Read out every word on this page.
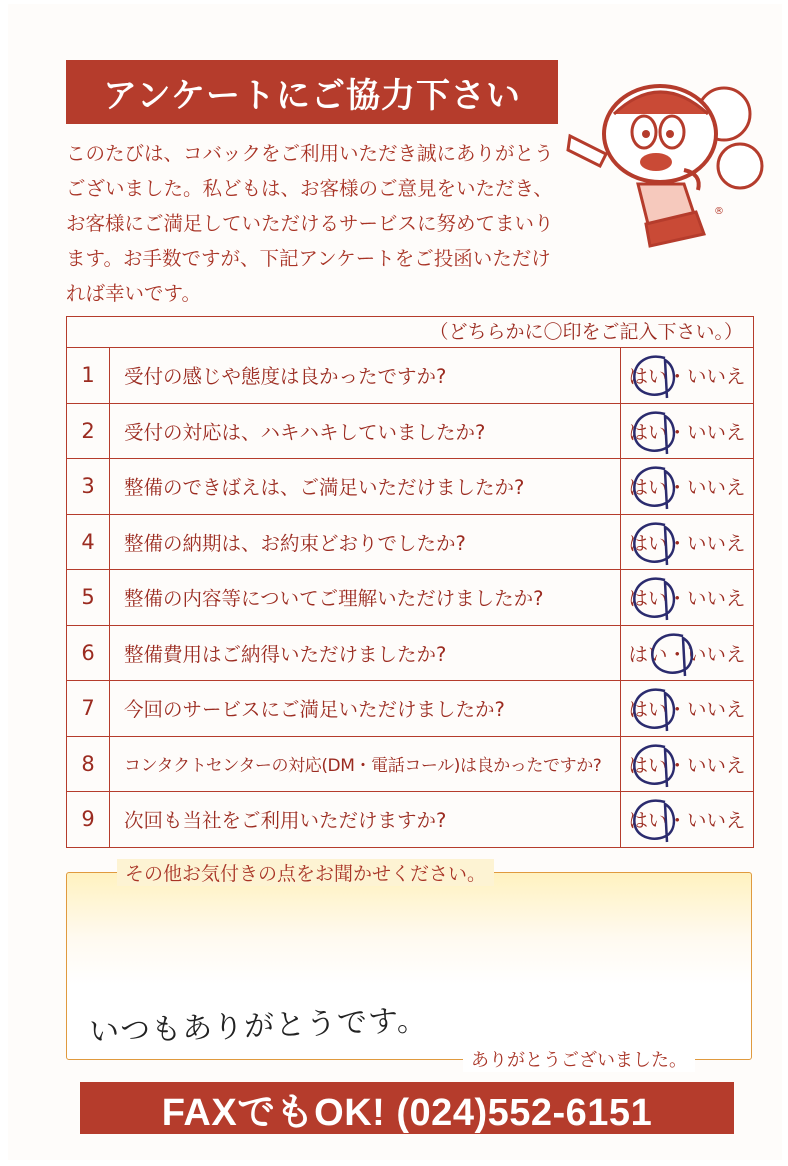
アンケートにご協力下さい
このたびは、コバックをご利用いただき誠にありがとうございました。私どもは、お客様のご意見をいただき、お客様にご満足していただけるサービスに努めてまいります。お手数ですが、下記アンケートをご投函いただければ幸いです。
®
（どちらかに〇印をご記入下さい。）
1	受付の感じや態度は良かったですか?	はい・いいえ
2	受付の対応は、ハキハキしていましたか?	はい・いいえ
3	整備のできばえは、ご満足いただけましたか?	はい・いいえ
4	整備の納期は、お約束どおりでしたか?	はい・いいえ
5	整備の内容等についてご理解いただけましたか?	はい・いいえ
6	整備費用はご納得いただけましたか?	はい・いいえ
7	今回のサービスにご満足いただけましたか?	はい・いいえ
8	コンタクトセンターの対応(DM・電話コール)は良かったですか?	はい・いいえ
9	次回も当社をご利用いただけますか?	はい・いいえ
その他お気付きの点をお聞かせください。
いつもありがとうです。
ありがとうございました。
FAXでもOK! (024)552-6151
